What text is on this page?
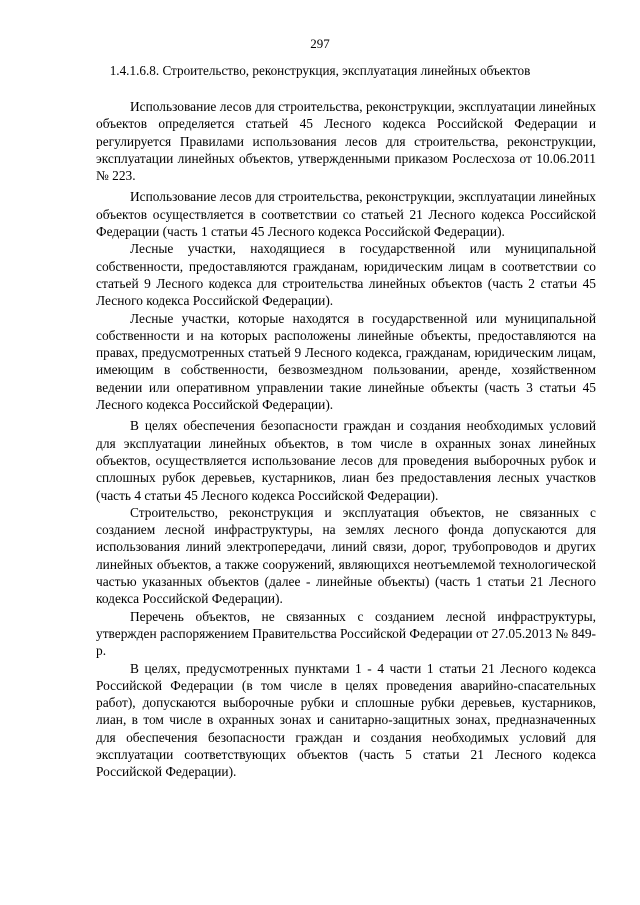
297
1.4.1.6.8. Строительство, реконструкция, эксплуатация линейных объектов

Использование лесов для строительства, реконструкции, эксплуатации линейных объектов определяется статьей 45 Лесного кодекса Российской Федерации и регулируется Правилами использования лесов для строительства, реконструкции, эксплуатации линейных объектов, утвержденными приказом Рослесхоза от 10.06.2011 № 223.

Использование лесов для строительства, реконструкции, эксплуатации линейных объектов осуществляется в соответствии со статьей 21 Лесного кодекса Российской Федерации (часть 1 статьи 45 Лесного кодекса Российской Федерации).

Лесные участки, находящиеся в государственной или муниципальной собственности, предоставляются гражданам, юридическим лицам в соответствии со статьей 9 Лесного кодекса для строительства линейных объектов (часть 2 статьи 45 Лесного кодекса Российской Федерации).

Лесные участки, которые находятся в государственной или муниципальной собственности и на которых расположены линейные объекты, предоставляются на правах, предусмотренных статьей 9 Лесного кодекса, гражданам, юридическим лицам, имеющим в собственности, безвозмездном пользовании, аренде, хозяйственном ведении или оперативном управлении такие линейные объекты (часть 3 статьи 45 Лесного кодекса Российской Федерации).

В целях обеспечения безопасности граждан и создания необходимых условий для эксплуатации линейных объектов, в том числе в охранных зонах линейных объектов, осуществляется использование лесов для проведения выборочных рубок и сплошных рубок деревьев, кустарников, лиан без предоставления лесных участков (часть 4 статьи 45 Лесного кодекса Российской Федерации).

Строительство, реконструкция и эксплуатация объектов, не связанных с созданием лесной инфраструктуры, на землях лесного фонда допускаются для использования линий электропередачи, линий связи, дорог, трубопроводов и других линейных объектов, а также сооружений, являющихся неотъемлемой технологической частью указанных объектов (далее - линейные объекты) (часть 1 статьи 21 Лесного кодекса Российской Федерации).

Перечень объектов, не связанных с созданием лесной инфраструктуры, утвержден распоряжением Правительства Российской Федерации от 27.05.2013 № 849-р.

В целях, предусмотренных пунктами 1 - 4 части 1 статьи 21 Лесного кодекса Российской Федерации (в том числе в целях проведения аварийно-спасательных работ), допускаются выборочные рубки и сплошные рубки деревьев, кустарников, лиан, в том числе в охранных зонах и санитарно-защитных зонах, предназначенных для обеспечения безопасности граждан и создания необходимых условий для эксплуатации соответствующих объектов (часть 5 статьи 21 Лесного кодекса Российской Федерации).
